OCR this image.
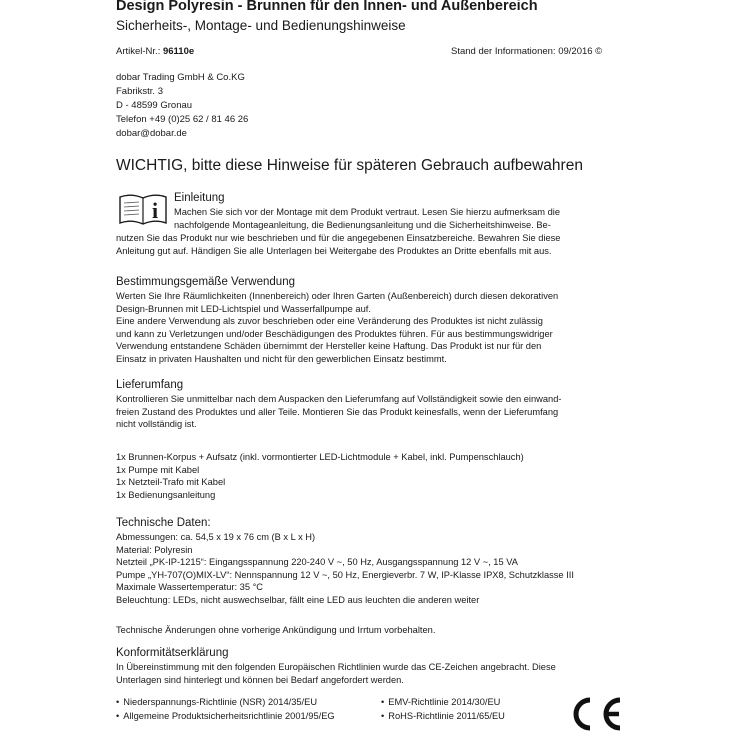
Design Polyresin - Brunnen für den Innen- und Außenbereich
Sicherheits-, Montage- und Bedienungshinweise
Artikel-Nr.: 96110e	Stand der Informationen: 09/2016 ©
dobar Trading GmbH & Co.KG
Fabrikstr. 3
D - 48599 Gronau
Telefon +49 (0)25 62 / 81 46 26
dobar@dobar.de
WICHTIG, bitte diese Hinweise für späteren Gebrauch aufbewahren
i Einleitung
Machen Sie sich vor der Montage mit dem Produkt vertraut. Lesen Sie hierzu aufmerksam die
nachfolgende Montageanleitung, die Bedienungsanleitung und die Sicherheitshinweise. Be-
nutzen Sie das Produkt nur wie beschrieben und für die angegebenen Einsatzbereiche. Bewahren Sie diese
Anleitung gut auf. Händigen Sie alle Unterlagen bei Weitergabe des Produktes an Dritte ebenfalls mit aus.
Bestimmungsgemäße Verwendung
Werten Sie Ihre Räumlichkeiten (Innenbereich) oder Ihren Garten (Außenbereich) durch diesen dekorativen
Design-Brunnen mit LED-Lichtspiel und Wasserfallpumpe auf.
Eine andere Verwendung als zuvor beschrieben oder eine Veränderung des Produktes ist nicht zulässig
und kann zu Verletzungen und/oder Beschädigungen des Produktes führen. Für aus bestimmungswidriger
Verwendung entstandene Schäden übernimmt der Hersteller keine Haftung. Das Produkt ist nur für den
Einsatz in privaten Haushalten und nicht für den gewerblichen Einsatz bestimmt.
Lieferumfang
Kontrollieren Sie unmittelbar nach dem Auspacken den Lieferumfang auf Vollständigkeit sowie den einwand-
freien Zustand des Produktes und aller Teile. Montieren Sie das Produkt keinesfalls, wenn der Lieferumfang
nicht vollständig ist.
1x Brunnen-Korpus + Aufsatz (inkl. vormontierter LED-Lichtmodule + Kabel, inkl. Pumpenschlauch)
1x Pumpe mit Kabel
1x Netzteil-Trafo mit Kabel
1x Bedienungsanleitung
Technische Daten:
Abmessungen: ca. 54,5 x 19 x 76 cm (B x L x H)
Material: Polyresin
Netzteil „PK-IP-1215“: Eingangsspannung 220-240 V ~, 50 Hz, Ausgangsspannung 12 V ~, 15 VA
Pumpe „YH-707(O)MIX-LV“: Nennspannung 12 V ~, 50 Hz, Energieverbr. 7 W, IP-Klasse IPX8, Schutzklasse III
Maximale Wassertemperatur: 35 °C
Beleuchtung: LEDs, nicht auswechselbar, fällt eine LED aus leuchten die anderen weiter
Technische Änderungen ohne vorherige Ankündigung und Irrtum vorbehalten.
Konformitätserklärung
In Übereinstimmung mit den folgenden Europäischen Richtlinien wurde das CE-Zeichen angebracht. Diese
Unterlagen sind hinterlegt und können bei Bedarf angefordert werden.
• Niederspannungs-Richtlinie (NSR) 2014/35/EU	• EMV-Richtlinie 2014/30/EU
• Allgemeine Produktsicherheitsrichtlinie 2001/95/EG	• RoHS-Richtlinie 2011/65/EU
